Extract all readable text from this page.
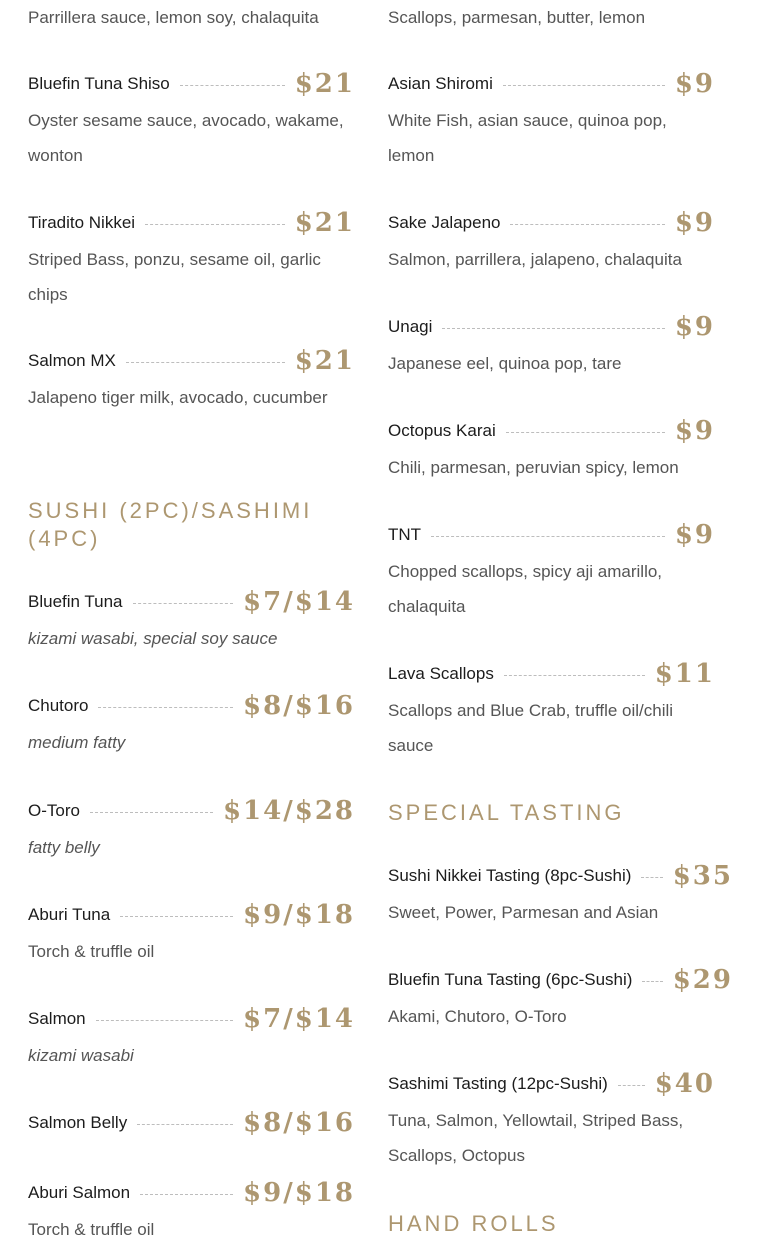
Parrillera sauce, lemon soy, chalaquita
Bluefin Tuna Shiso	$21
Oyster sesame sauce, avocado, wakame, wonton
Tiradito Nikkei	$21
Striped Bass, ponzu, sesame oil, garlic chips
Salmon MX	$21
Jalapeno tiger milk, avocado, cucumber
SUSHI (2PC)/SASHIMI (4PC)
Bluefin Tuna	$7/$14
kizami wasabi, special soy sauce
Chutoro	$8/$16
medium fatty
O-Toro	$14/$28
fatty belly
Aburi Tuna	$9/$18
Torch & truffle oil
Salmon	$7/$14
kizami wasabi
Salmon Belly	$8/$16
Aburi Salmon	$9/$18
Torch & truffle oil
Scallops, parmesan, butter, lemon
Asian Shiromi	$9
White Fish, asian sauce, quinoa pop, lemon
Sake Jalapeno	$9
Salmon, parrillera, jalapeno, chalaquita
Unagi	$9
Japanese eel, quinoa pop, tare
Octopus Karai	$9
Chili, parmesan, peruvian spicy, lemon
TNT	$9
Chopped scallops, spicy aji amarillo, chalaquita
Lava Scallops	$11
Scallops and Blue Crab, truffle oil/chili sauce
SPECIAL TASTING
Sushi Nikkei Tasting (8pc-Sushi) $35
Sweet, Power, Parmesan and Asian
Bluefin Tuna Tasting (6pc-Sushi) $29
Akami, Chutoro, O-Toro
Sashimi Tasting (12pc-Sushi) $40
Tuna, Salmon, Yellowtail, Striped Bass, Scallops, Octopus
HAND ROLLS
